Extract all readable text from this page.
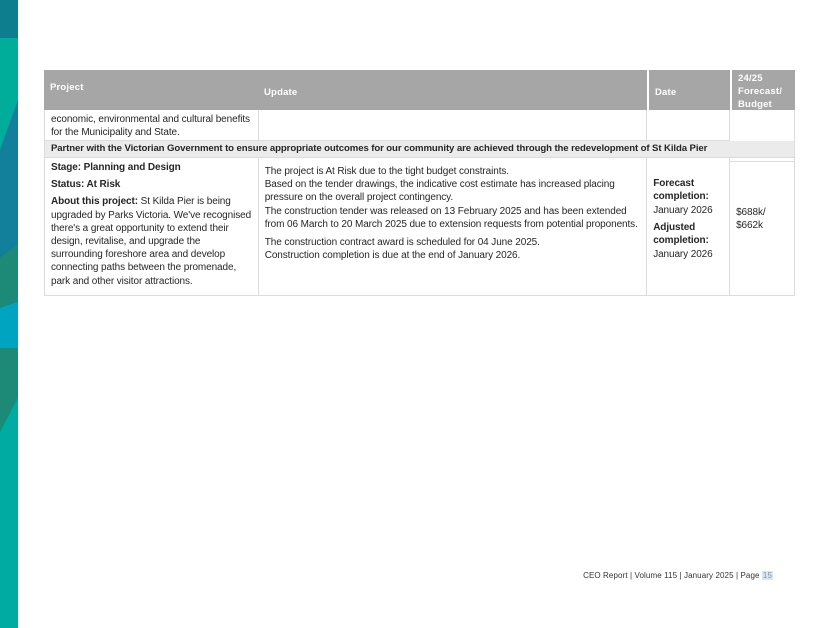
Project	Update	Date
24/25 Forecast/ Budget
economic, environmental and cultural benefits for the Municipality and State.
Partner with the Victorian Government to ensure appropriate outcomes for our community are achieved through the redevelopment of St Kilda Pier

Stage: Planning and Design

Status: At Risk

About this project: St Kilda Pier is being upgraded by Parks Victoria. We've recognised there's a great opportunity to extend their design, revitalise, and upgrade the surrounding foreshore area and develop connecting paths between the promenade, park and other visitor attractions.

The project is At Risk due to the tight budget constraints.

Based on the tender drawings, the indicative cost estimate has increased placing pressure on the overall project contingency.

The construction tender was released on 13 February 2025 and has been extended from 06 March to 20 March 2025 due to extension requests from potential proponents.

The construction contract award is scheduled for 04 June 2025.

Construction completion is due at the end of January 2026.

Forecast completion:

January 2026

Adjusted completion:

January 2026

$688k/

$662k

CEO Report | Volume 115 | January 2025 | Page 15
